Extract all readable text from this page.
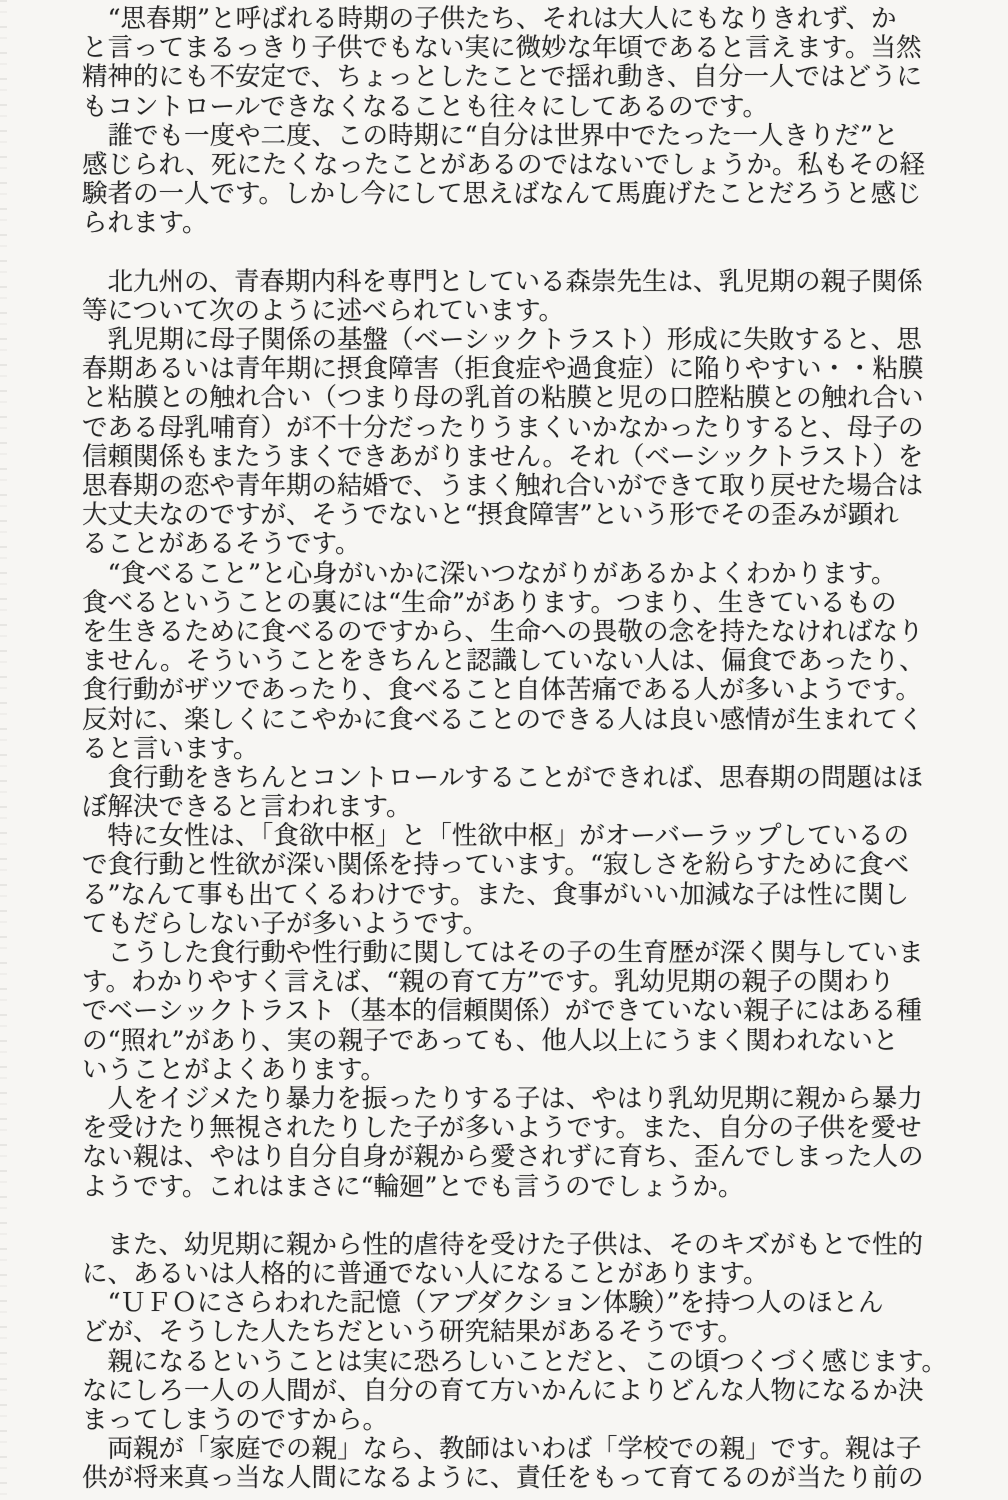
　“思春期”と呼ばれる時期の子供たち、それは大人にもなりきれず、か
と言ってまるっきり子供でもない実に微妙な年頃であると言えます。当然
精神的にも不安定で、ちょっとしたことで揺れ動き、自分一人ではどうに
もコントロールできなくなることも往々にしてあるのです。
　誰でも一度や二度、この時期に“自分は世界中でたった一人きりだ”と
感じられ、死にたくなったことがあるのではないでしょうか。私もその経
験者の一人です。しかし今にして思えばなんて馬鹿げたことだろうと感じ
られます。
　北九州の、青春期内科を専門としている森崇先生は、乳児期の親子関係
等について次のように述べられています。
　乳児期に母子関係の基盤（ベーシックトラスト）形成に失敗すると、思
春期あるいは青年期に摂食障害（拒食症や過食症）に陥りやすい・・粘膜
と粘膜との触れ合い（つまり母の乳首の粘膜と児の口腔粘膜との触れ合い
である母乳哺育）が不十分だったりうまくいかなかったりすると、母子の
信頼関係もまたうまくできあがりません。それ（ベーシックトラスト）を
思春期の恋や青年期の結婚で、うまく触れ合いができて取り戻せた場合は
大丈夫なのですが、そうでないと“摂食障害”という形でその歪みが顕れ
ることがあるそうです。
　“食べること”と心身がいかに深いつながりがあるかよくわかります。
食べるということの裏には“生命”があります。つまり、生きているもの
を生きるために食べるのですから、生命への畏敬の念を持たなければなり
ません。そういうことをきちんと認識していない人は、偏食であったり、
食行動がザツであったり、食べること自体苦痛である人が多いようです。
反対に、楽しくにこやかに食べることのできる人は良い感情が生まれてく
ると言います。
　食行動をきちんとコントロールすることができれば、思春期の問題はほ
ぼ解決できると言われます。
　特に女性は、「食欲中枢」と「性欲中枢」がオーバーラップしているの
で食行動と性欲が深い関係を持っています。“寂しさを紛らすために食べ
る”なんて事も出てくるわけです。また、食事がいい加減な子は性に関し
てもだらしない子が多いようです。
　こうした食行動や性行動に関してはその子の生育歴が深く関与していま
す。わかりやすく言えば、“親の育て方”です。乳幼児期の親子の関わり
でベーシックトラスト（基本的信頼関係）ができていない親子にはある種
の“照れ”があり、実の親子であっても、他人以上にうまく関われないと
いうことがよくあります。
　人をイジメたり暴力を振ったりする子は、やはり乳幼児期に親から暴力
を受けたり無視されたりした子が多いようです。また、自分の子供を愛せ
ない親は、やはり自分自身が親から愛されずに育ち、歪んでしまった人の
ようです。これはまさに“輪廻”とでも言うのでしょうか。
　また、幼児期に親から性的虐待を受けた子供は、そのキズがもとで性的
に、あるいは人格的に普通でない人になることがあります。
　“ＵＦＯにさらわれた記憶（アブダクション体験）”を持つ人のほとん
どが、そうした人たちだという研究結果があるそうです。
　親になるということは実に恐ろしいことだと、この頃つくづく感じます。
なにしろ一人の人間が、自分の育て方いかんによりどんな人物になるか決
まってしまうのですから。
　両親が「家庭での親」なら、教師はいわば「学校での親」です。親は子
供が将来真っ当な人間になるように、責任をもって育てるのが当たり前の
